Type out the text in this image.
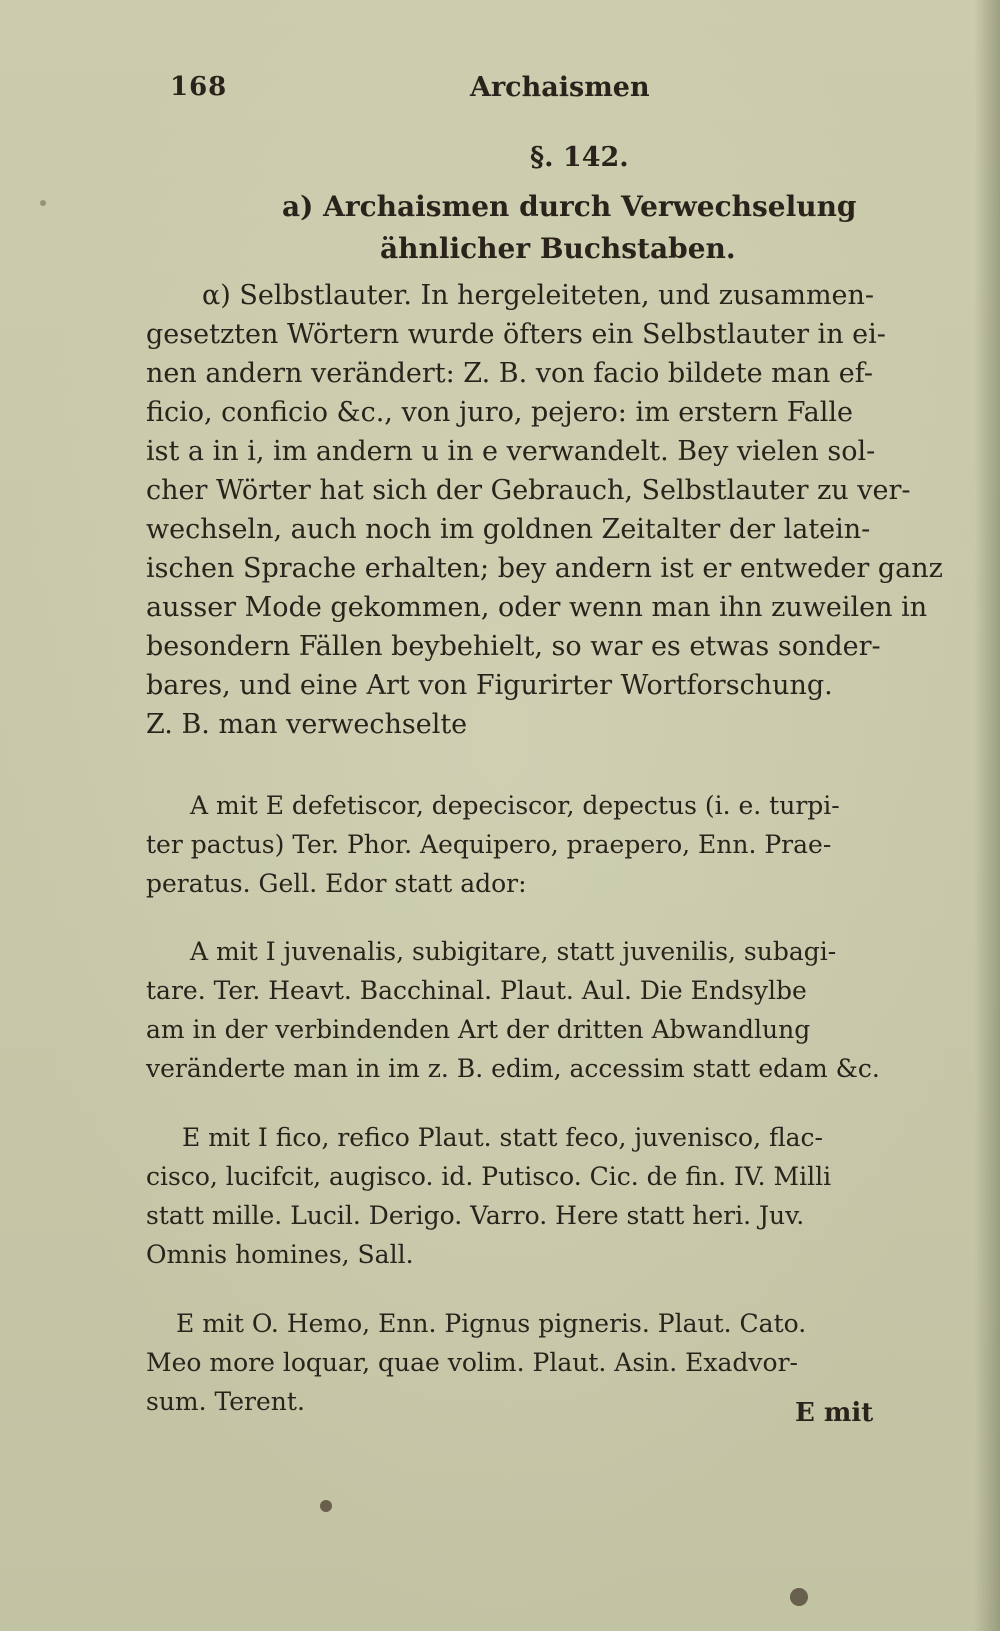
168	Archaismen
§. 142.
a) Archaismen durch Verwechselung
ähnlicher Buchstaben.
α) Selbstlauter. In hergeleiteten, und zusammen-
gesetzten Wörtern wurde öfters ein Selbstlauter in ei-
nen andern verändert: Z. B. von facio bildete man ef-
ficio, conficio &c., von juro, pejero: im erstern Falle
ist a in i, im andern u in e verwandelt. Bey vielen sol-
cher Wörter hat sich der Gebrauch, Selbstlauter zu ver-
wechseln, auch noch im goldnen Zeitalter der latein-
ischen Sprache erhalten; bey andern ist er entweder ganz
ausser Mode gekommen, oder wenn man ihn zuweilen in
besondern Fällen beybehielt, so war es etwas sonder-
bares, und eine Art von Figurirter Wortforschung.
Z. B. man verwechselte
A mit E defetiscor, depeciscor, depectus (i. e. turpi-
ter pactus) Ter. Phor. Aequipero, praepero, Enn. Prae-
peratus. Gell. Edor statt ador:
A mit I juvenalis, subigitare, statt juvenilis, subagi-
tare. Ter. Heavt. Bacchinal. Plaut. Aul. Die Endsylbe
am in der verbindenden Art der dritten Abwandlung
veränderte man in im z. B. edim, accessim statt edam &c.
E mit I fico, refico Plaut. statt feco, juvenisco, flac-
cisco, lucifcit, augisco. id. Putisco. Cic. de fin. IV. Milli
statt mille. Lucil. Derigo. Varro. Here statt heri. Juv.
Omnis homines, Sall.
E mit O. Hemo, Enn. Pignus pigneris. Plaut. Cato.
Meo more loquar, quae volim. Plaut. Asin. Exadvor-
sum. Terent.	E mit
